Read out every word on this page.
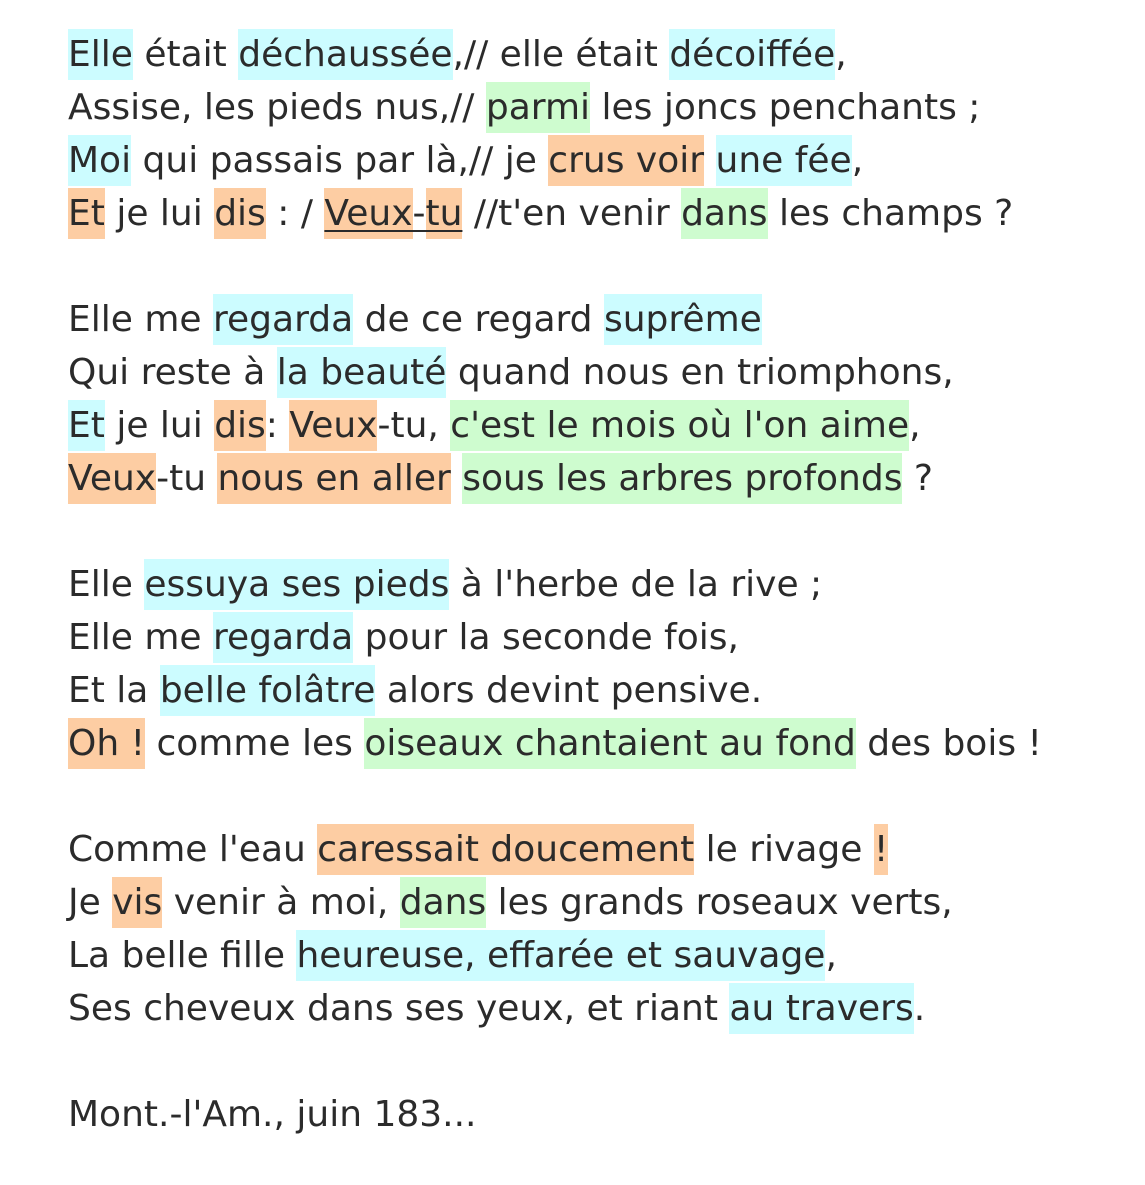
Elle était déchaussée,// elle était décoiffée,
Assise, les pieds nus,// parmi les joncs penchants ;
Moi qui passais par là,// je crus voir une fée,
Et je lui dis : / Veux-tu //t'en venir dans les champs ?
Elle me regarda de ce regard suprême
Qui reste à la beauté quand nous en triomphons,
Et je lui dis: Veux-tu, c'est le mois où l'on aime,
Veux-tu nous en aller sous les arbres profonds ?
Elle essuya ses pieds à l'herbe de la rive ;
Elle me regarda pour la seconde fois,
Et la belle folâtre alors devint pensive.
Oh ! comme les oiseaux chantaient au fond des bois !
Comme l'eau caressait doucement le rivage !
Je vis venir à moi, dans les grands roseaux verts,
La belle fille heureuse, effarée et sauvage,
Ses cheveux dans ses yeux, et riant au travers.
Mont.-l'Am., juin 183...
